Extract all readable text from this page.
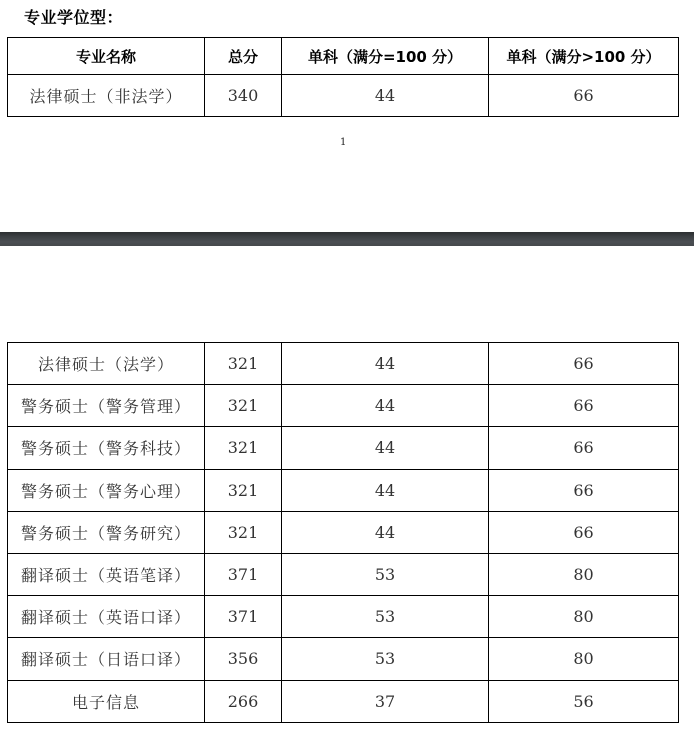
专业学位型：
专业名称	总分	单科（满分=100 分）	单科（满分>100 分）
法律硕士（非法学）	340	44	66
1
法律硕士（法学）	321	44	66
警务硕士（警务管理）	321	44	66
警务硕士（警务科技）	321	44	66
警务硕士（警务心理）	321	44	66
警务硕士（警务研究）	321	44	66
翻译硕士（英语笔译）	371	53	80
翻译硕士（英语口译）	371	53	80
翻译硕士（日语口译）	356	53	80
电子信息	266	37	56
